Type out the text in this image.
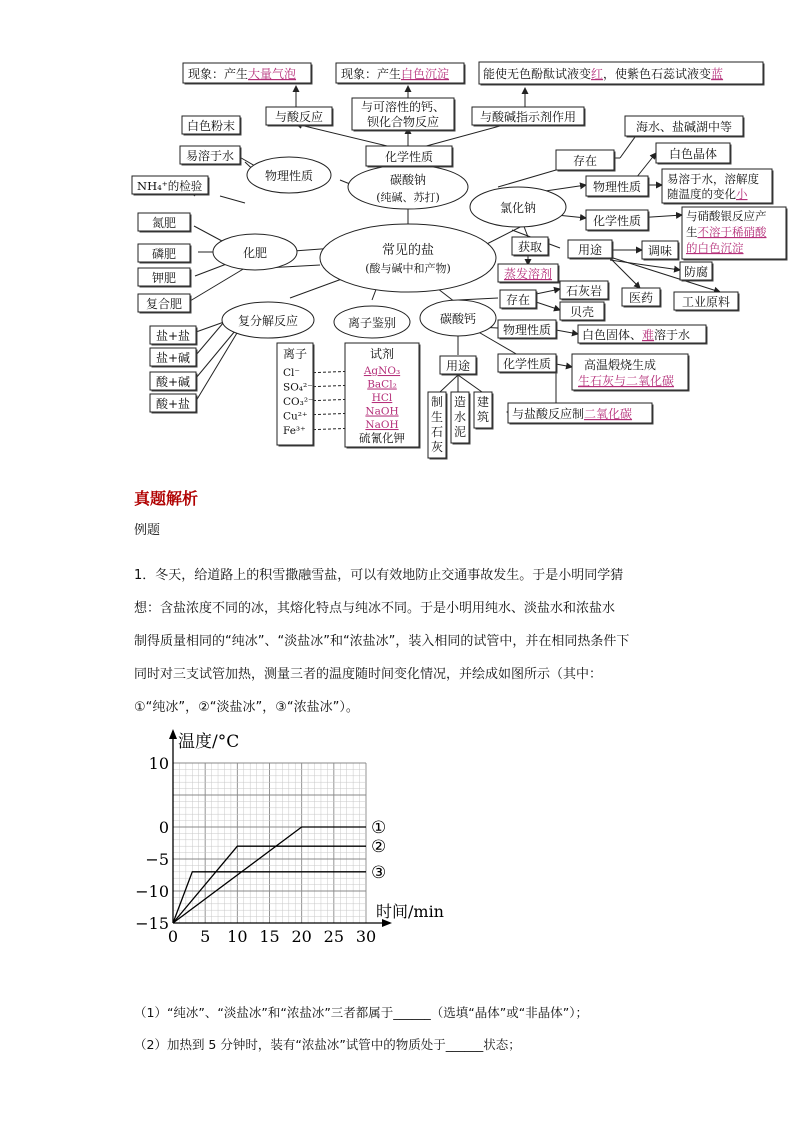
常见的盐
(酸与碱中和产物)
碳酸钠
(纯碱、苏打)
物理性质
化学性质
白色粉末
易溶于水
与酸反应
现象：产生大量气泡
与可溶性的钙、
钡化合物反应
现象：产生白色沉淀
与酸碱指示剂作用
能使无色酚酞试液变红，使紫色石蕊试液变蓝
化肥
NH₄⁺的检验
氮肥
磷肥
钾肥
复合肥
复分解反应
盐+盐
盐+碱
酸+碱
酸+盐
离子鉴别
离子
Cl⁻
SO₄²⁻
CO₃²⁻
Cu²⁺
Fe³⁺
试剂
AgNO₃
BaCl₂
HCl
NaOH
NaOH
硫氰化钾
氯化钠
存在
海水、盐碱湖中等
物理性质
白色晶体
易溶于水，溶解度
随温度的变化小
化学性质	与硝酸银反应产
生不溶于稀硝酸
的白色沉淀
获取
蒸发溶剂
用途	调味
防腐
医药 工业原料
碳酸钙
存在
石灰岩
贝壳
物理性质	白色固体、难溶于水
化学性质	高温煅烧生成
生石灰与二氧化碳
与盐酸反应制二氧化碳
用途
制生石灰
造水泥
建筑
真题解析
例题

1．冬天，给道路上的积雪撒融雪盐，可以有效地防止交通事故发生。于是小明同学猜

想：含盐浓度不同的冰，其熔化特点与纯冰不同。于是小明用纯水、淡盐水和浓盐水

制得质量相同的“纯冰”、“淡盐冰”和“浓盐冰”，装入相同的试管中，并在相同热条件下

同时对三支试管加热，测量三者的温度随时间变化情况，并绘成如图所示（其中：

①“纯冰”，②“淡盐冰”，③“浓盐冰”）。

温度/°C
时间/min
10
0
−5
−10
−15
0 5 10 15 20 25 30
①
②
③
（1）“纯冰”、“淡盐冰”和“浓盐冰”三者都属于______（选填“晶体”或“非晶体”）；
（2）加热到 5 分钟时，装有“浓盐冰”试管中的物质处于______状态；
